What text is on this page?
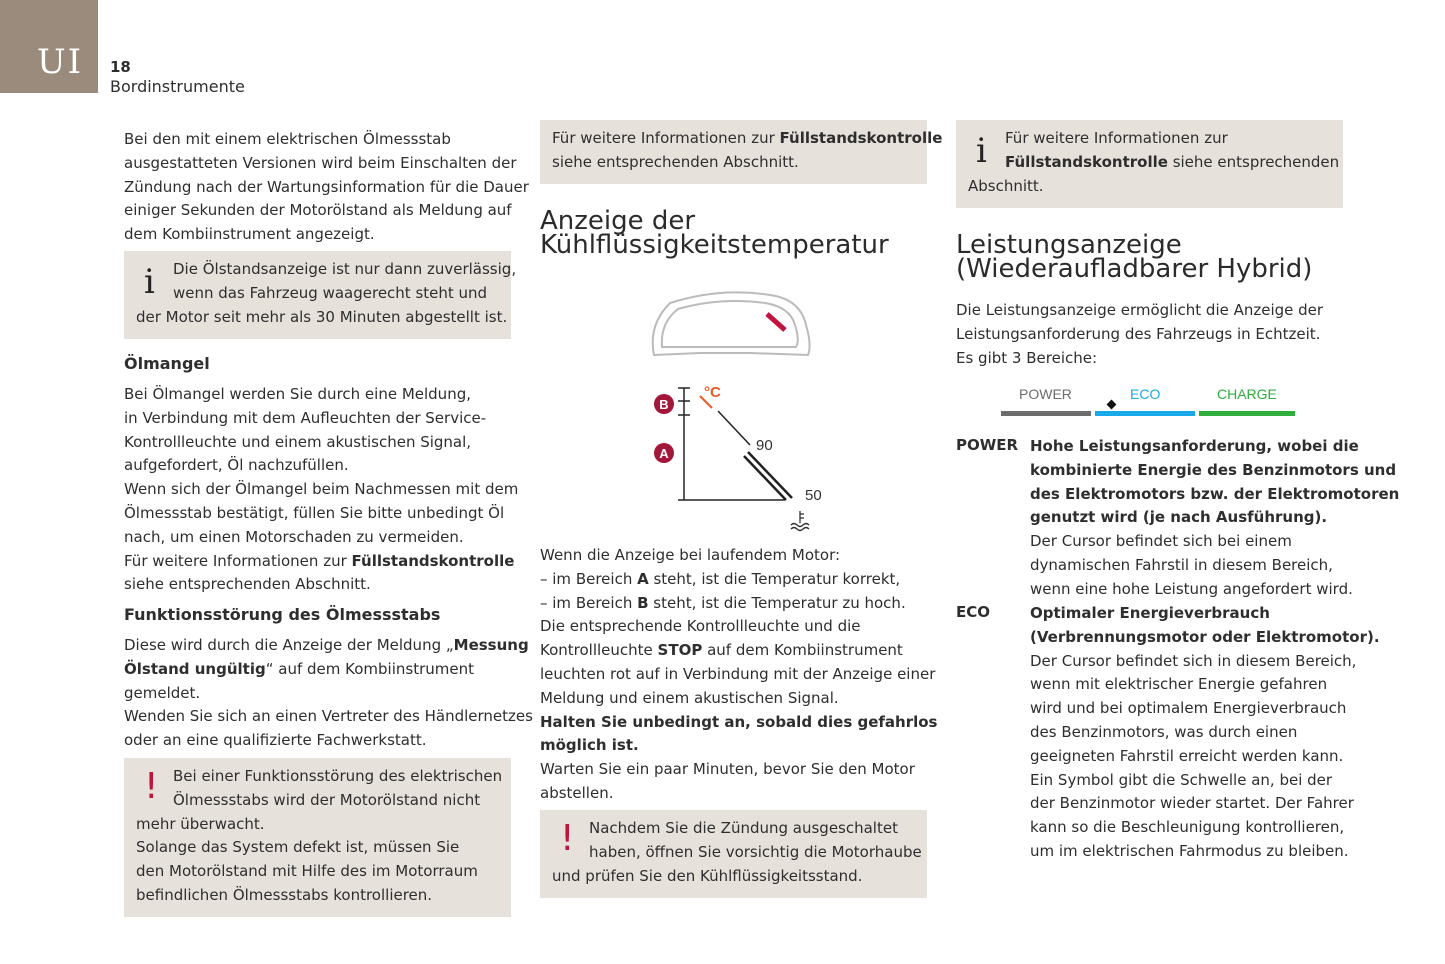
UI 18
Bordinstrumente
Bei den mit einem elektrischen Ölmessstab
ausgestatteten Versionen wird beim Einschalten der
Zündung nach der Wartungsinformation für die Dauer
einiger Sekunden der Motorölstand als Meldung auf
dem Kombiinstrument angezeigt.
i	Die Ölstandsanzeige ist nur dann zuverlässig,
wenn das Fahrzeug waagerecht steht und
der Motor seit mehr als 30 Minuten abgestellt ist.
Ölmangel
Bei Ölmangel werden Sie durch eine Meldung,
in Verbindung mit dem Aufleuchten der Service-
Kontrollleuchte und einem akustischen Signal,
aufgefordert, Öl nachzufüllen.
Wenn sich der Ölmangel beim Nachmessen mit dem
Ölmessstab bestätigt, füllen Sie bitte unbedingt Öl
nach, um einen Motorschaden zu vermeiden.
Für weitere Informationen zur Füllstandskontrolle
siehe entsprechenden Abschnitt.
Funktionsstörung des Ölmessstabs
Diese wird durch die Anzeige der Meldung „Messung
Ölstand ungültig“ auf dem Kombiinstrument
gemeldet.
Wenden Sie sich an einen Vertreter des Händlernetzes
oder an eine qualifizierte Fachwerkstatt.
! Bei einer Funktionsstörung des elektrischen
Ölmessstabs wird der Motorölstand nicht
mehr überwacht.
Solange das System defekt ist, müssen Sie
den Motorölstand mit Hilfe des im Motorraum
befindlichen Ölmessstabs kontrollieren.
Für weitere Informationen zur Füllstandskontrolle
siehe entsprechenden Abschnitt.
Anzeige der
Kühlflüssigkeitstemperatur
°C
90
50
B
A
Wenn die Anzeige bei laufendem Motor:
– im Bereich A steht, ist die Temperatur korrekt,
– im Bereich B steht, ist die Temperatur zu hoch.
Die entsprechende Kontrollleuchte und die
Kontrollleuchte STOP auf dem Kombiinstrument
leuchten rot auf in Verbindung mit der Anzeige einer
Meldung und einem akustischen Signal.
Halten Sie unbedingt an, sobald dies gefahrlos
möglich ist.
Warten Sie ein paar Minuten, bevor Sie den Motor
abstellen.
! Nachdem Sie die Zündung ausgeschaltet
haben, öffnen Sie vorsichtig die Motorhaube
und prüfen Sie den Kühlflüssigkeitsstand.
i	Für weitere Informationen zur
Füllstandskontrolle siehe entsprechenden
Abschnitt.
Leistungsanzeige
(Wiederaufladbarer Hybrid)
Die Leistungsanzeige ermöglicht die Anzeige der
Leistungsanforderung des Fahrzeugs in Echtzeit.
Es gibt 3 Bereiche:
POWER	ECO	CHARGE
POWER Hohe Leistungsanforderung, wobei die
kombinierte Energie des Benzinmotors und
des Elektromotors bzw. der Elektromotoren
genutzt wird (je nach Ausführung).
Der Cursor befindet sich bei einem
dynamischen Fahrstil in diesem Bereich,
wenn eine hohe Leistung angefordert wird.
ECO	Optimaler Energieverbrauch
(Verbrennungsmotor oder Elektromotor).
Der Cursor befindet sich in diesem Bereich,
wenn mit elektrischer Energie gefahren
wird und bei optimalem Energieverbrauch
des Benzinmotors, was durch einen
geeigneten Fahrstil erreicht werden kann.
Ein Symbol gibt die Schwelle an, bei der
der Benzinmotor wieder startet. Der Fahrer
kann so die Beschleunigung kontrollieren,
um im elektrischen Fahrmodus zu bleiben.
